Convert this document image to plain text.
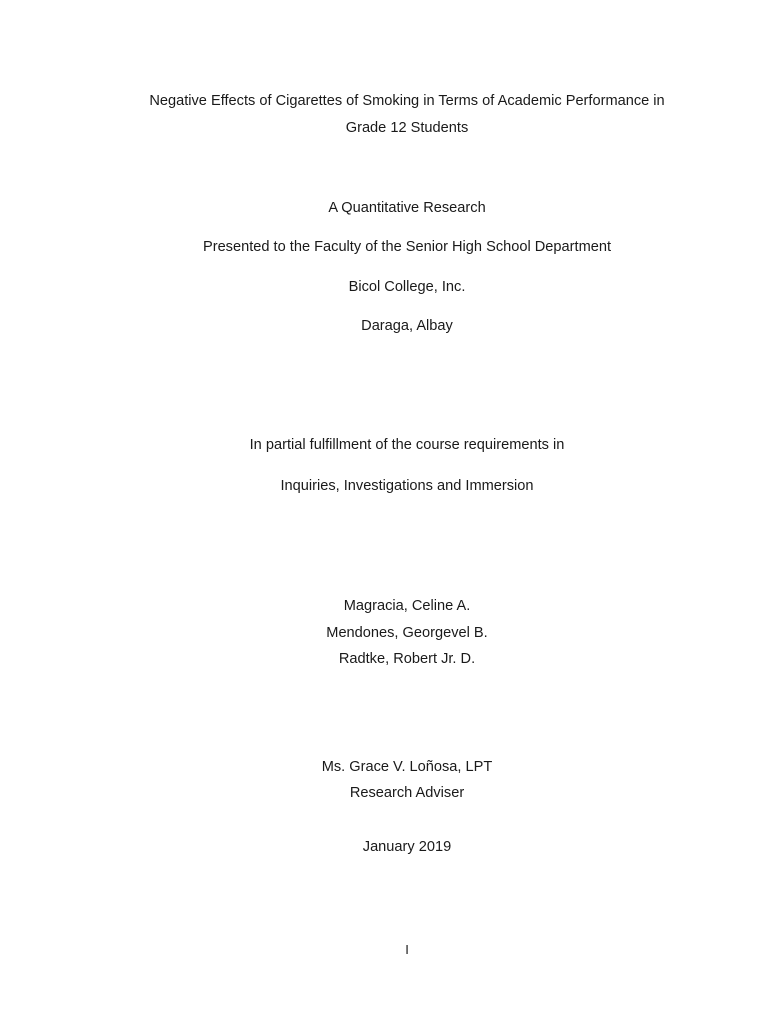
Negative Effects of Cigarettes of Smoking in Terms of Academic Performance in
Grade 12 Students
A Quantitative Research
Presented to the Faculty of the Senior High School Department
Bicol College, Inc.
Daraga, Albay
In partial fulfillment of the course requirements in
Inquiries, Investigations and Immersion
Magracia, Celine A.
Mendones, Georgevel B.
Radtke, Robert Jr. D.
Ms. Grace V. Loñosa, LPT
Research Adviser
January 2019
I
